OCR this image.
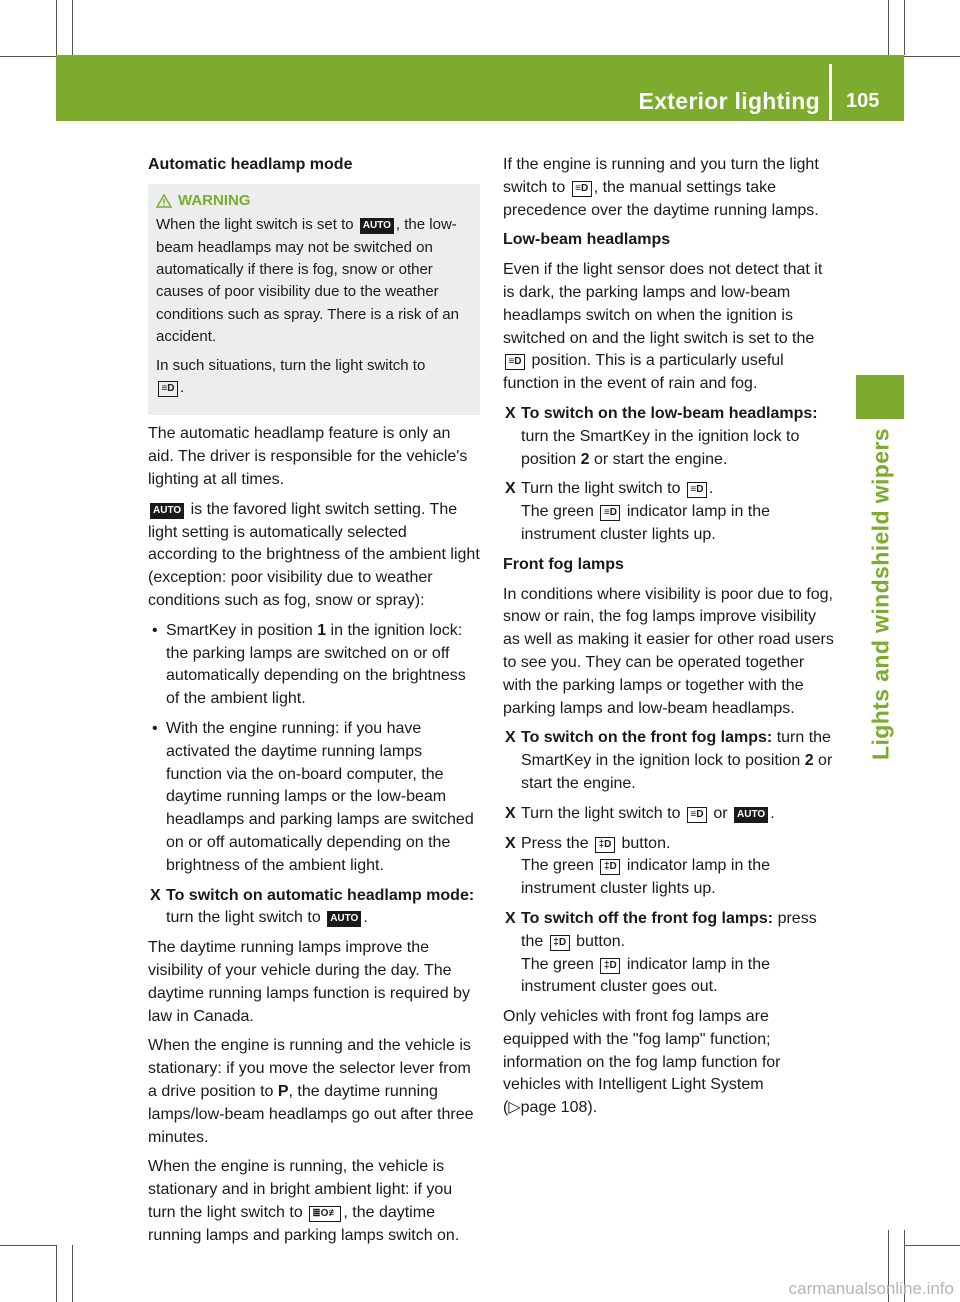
Exterior lighting 105
Lights and windshield wipers
Automatic headlamp mode

WARNING

When the light switch is set to AUTO , the low-beam headlamps may not be switched on automatically if there is fog, snow or other causes of poor visibility due to the weather conditions such as spray. There is a risk of an accident.

In such situations, turn the light switch to
≡D .

The automatic headlamp feature is only an aid. The driver is responsible for the vehicle's lighting at all times.

AUTO is the favored light switch setting. The light setting is automatically selected according to the brightness of the ambient light (exception: poor visibility due to weather conditions such as fog, snow or spray):

• SmartKey in position 1 in the ignition lock: the parking lamps are switched on or off automatically depending on the brightness of the ambient light.
• With the engine running: if you have activated the daytime running lamps function via the on-board computer, the daytime running lamps or the low-beam headlamps and parking lamps are switched on or off automatically depending on the brightness of the ambient light.
X To switch on automatic headlamp mode: turn the light switch to AUTO .

The daytime running lamps improve the visibility of your vehicle during the day. The daytime running lamps function is required by law in Canada.

When the engine is running and the vehicle is stationary: if you move the selector lever from a drive position to P, the daytime running lamps/low-beam headlamps go out after three minutes.

When the engine is running, the vehicle is stationary and in bright ambient light: if you turn the light switch to ≣O≢ , the daytime running lamps and parking lamps switch on.

If the engine is running and you turn the light switch to ≡D , the manual settings take precedence over the daytime running lamps.

Low-beam headlamps

Even if the light sensor does not detect that it is dark, the parking lamps and low-beam headlamps switch on when the ignition is switched on and the light switch is set to the
≡D position. This is a particularly useful function in the event of rain and fog.

X To switch on the low-beam headlamps: turn the SmartKey in the ignition lock to position 2 or start the engine.
X Turn the light switch to ≡D .
The green ≡D indicator lamp in the instrument cluster lights up.
Front fog lamps

In conditions where visibility is poor due to fog, snow or rain, the fog lamps improve visibility as well as making it easier for other road users to see you. They can be operated together with the parking lamps or together with the parking lamps and low-beam headlamps.

X To switch on the front fog lamps: turn the SmartKey in the ignition lock to position 2 or start the engine.
X Turn the light switch to ≡D or AUTO .
X Press the ‡D button.
The green ‡D indicator lamp in the instrument cluster lights up.
X To switch off the front fog lamps: press the ‡D button.
The green ‡D indicator lamp in the instrument cluster goes out.

Only vehicles with front fog lamps are equipped with the "fog lamp" function; information on the fog lamp function for vehicles with Intelligent Light System
(▷page 108).

carmanualsonline.info
